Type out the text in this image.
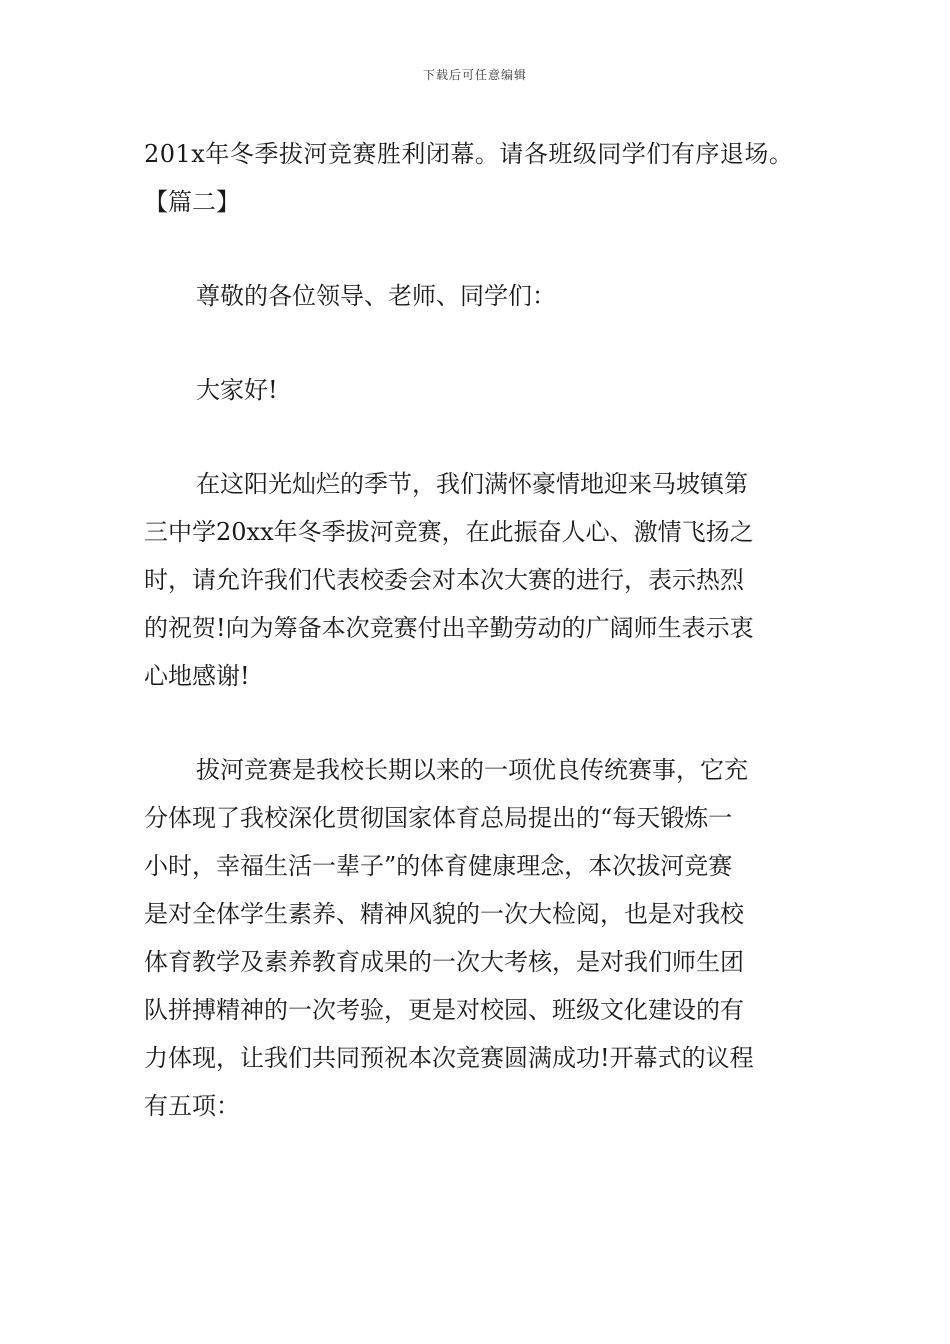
下载后可任意编辑
201x年冬季拔河竞赛胜利闭幕。请各班级同学们有序退场。
【篇二】
尊敬的各位领导、老师、同学们：
大家好!
在这阳光灿烂的季节，我们满怀豪情地迎来马坡镇第
三中学20xx年冬季拔河竞赛，在此振奋人心、激情飞扬之
时，请允许我们代表校委会对本次大赛的进行，表示热烈
的祝贺!向为筹备本次竞赛付出辛勤劳动的广阔师生表示衷
心地感谢!
拔河竞赛是我校长期以来的一项优良传统赛事，它充
分体现了我校深化贯彻国家体育总局提出的“每天锻炼一
小时，幸福生活一辈子”的体育健康理念，本次拔河竞赛
是对全体学生素养、精神风貌的一次大检阅，也是对我校
体育教学及素养教育成果的一次大考核，是对我们师生团
队拼搏精神的一次考验，更是对校园、班级文化建设的有
力体现，让我们共同预祝本次竞赛圆满成功!开幕式的议程
有五项：
